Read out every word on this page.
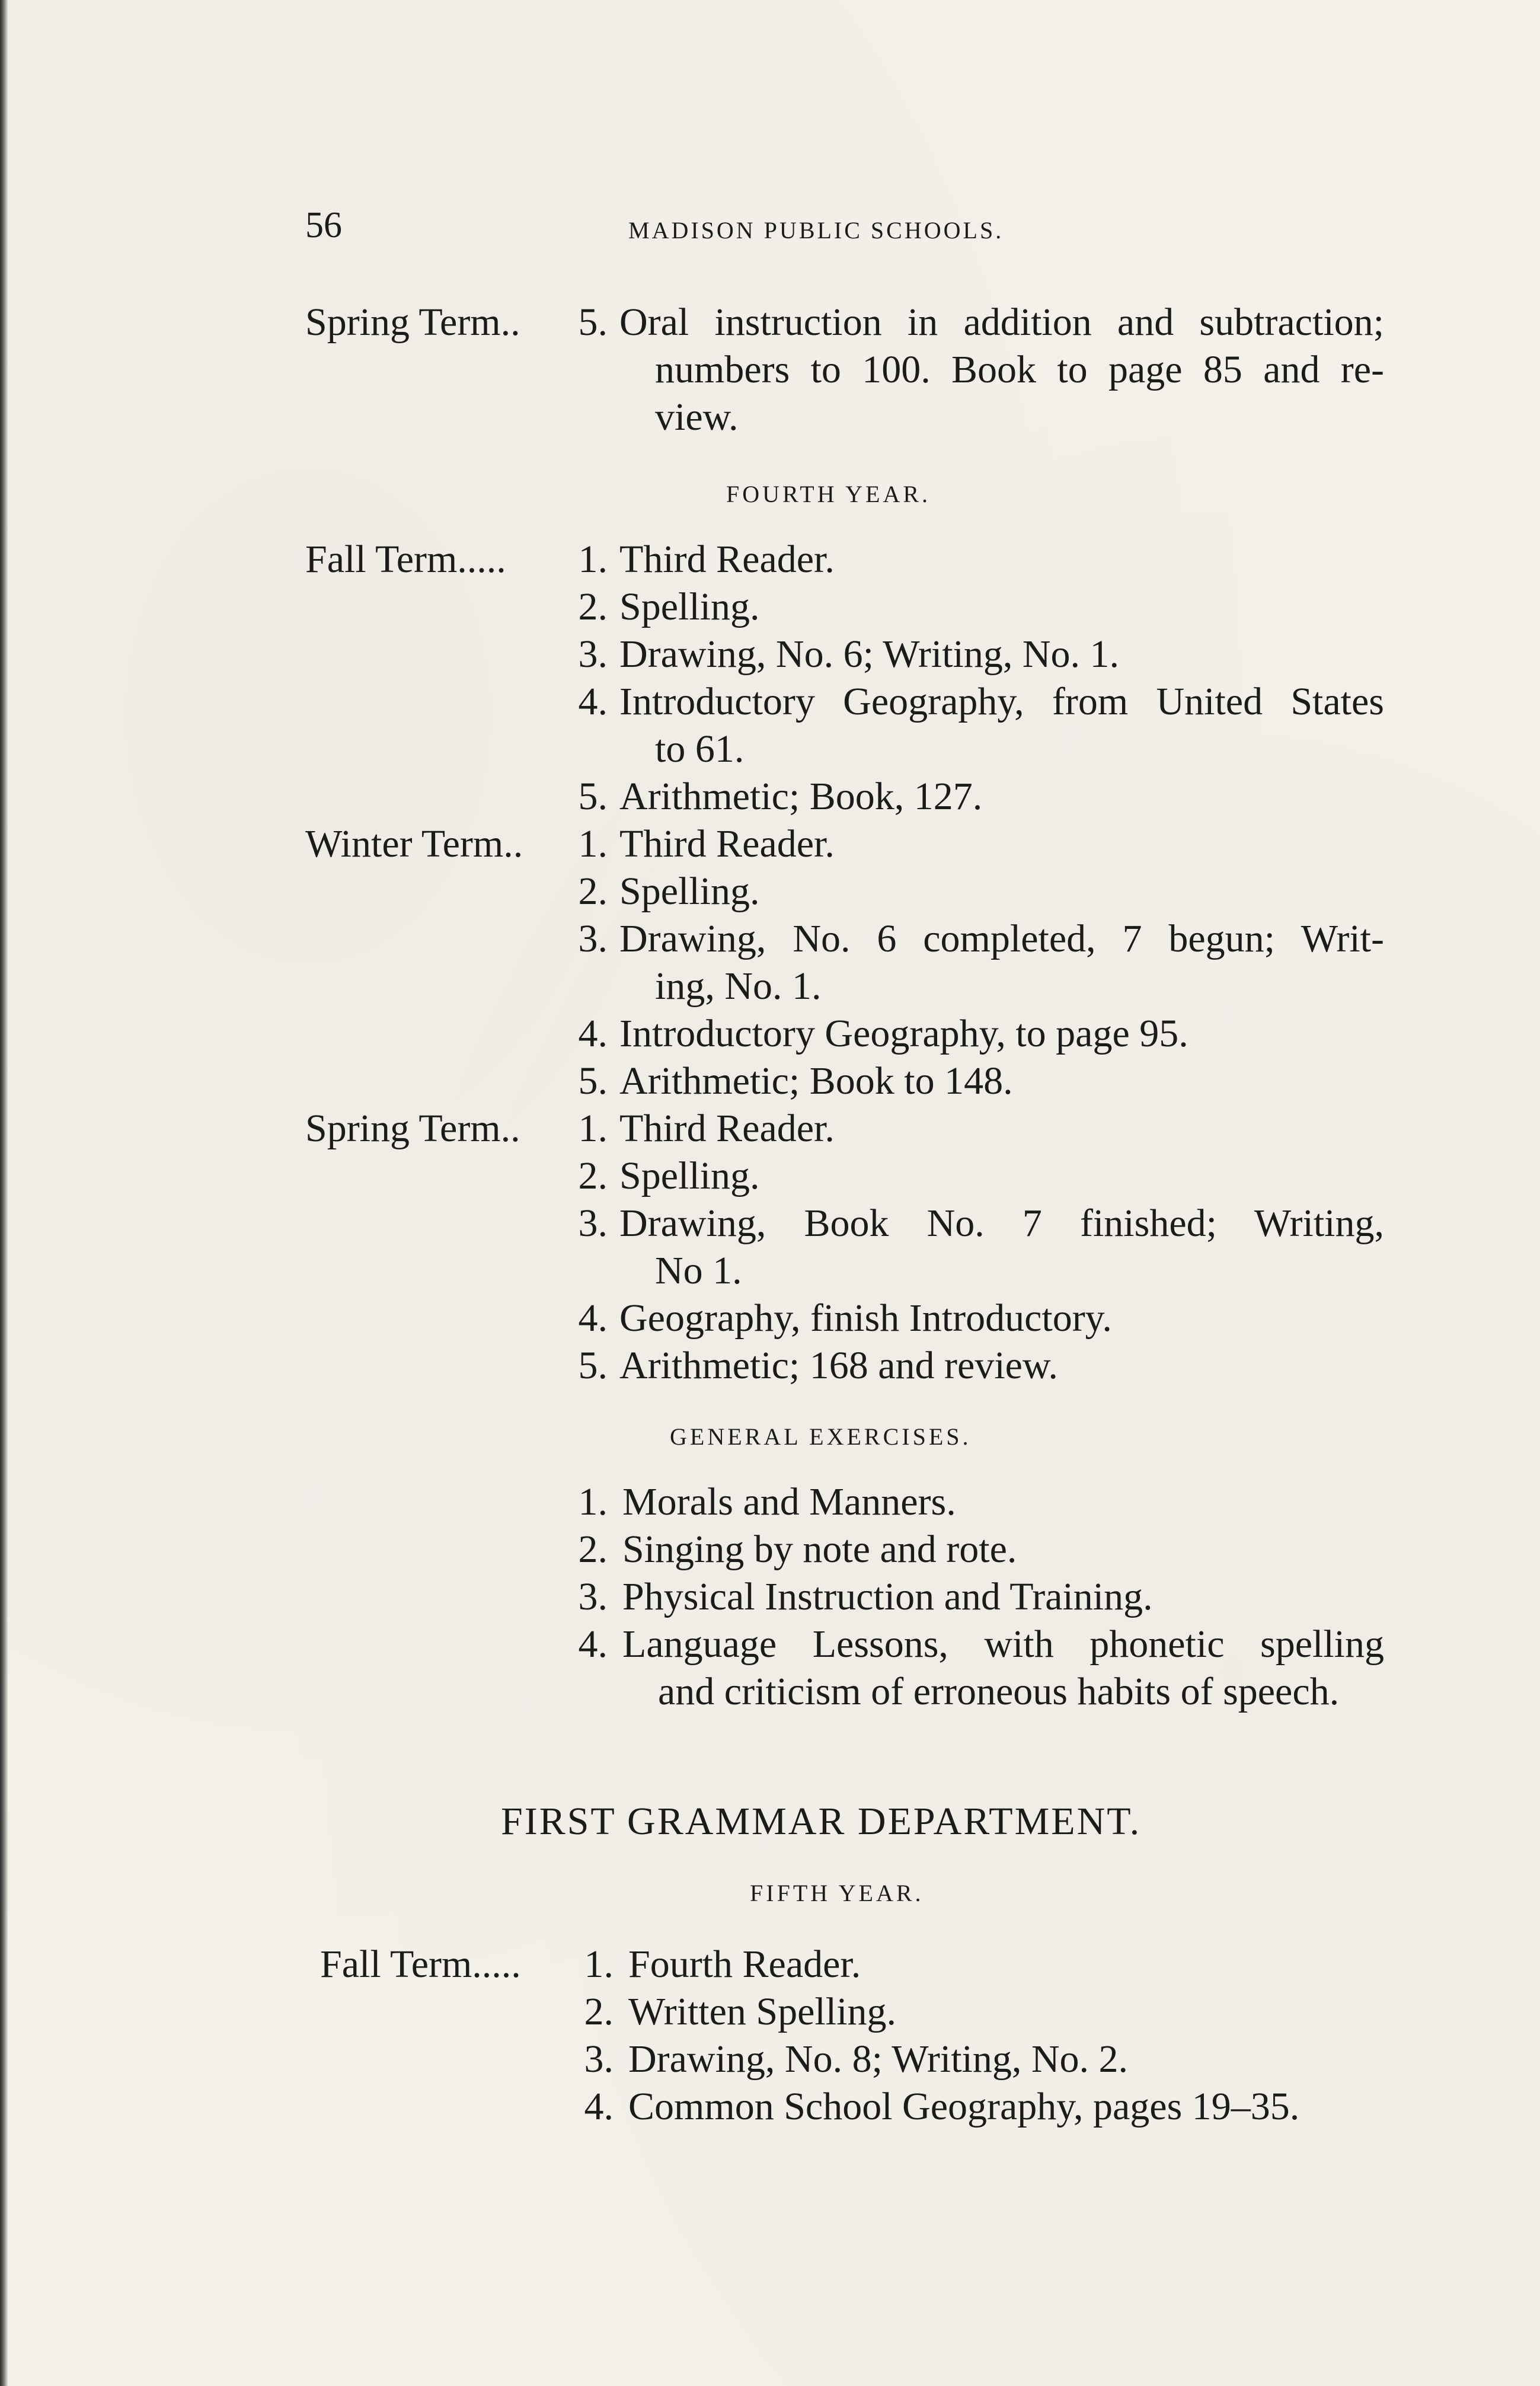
56	MADISON PUBLIC SCHOOLS.
Spring Term..	5. Oral instruction in addition and subtraction;
numbers to 100. Book to page 85 and re-
view.
FOURTH YEAR.
Fall Term.....	1. Third Reader.
2. Spelling.
3. Drawing, No. 6; Writing, No. 1.
4. Introductory Geography, from United States
to 61.
5. Arithmetic; Book, 127.
Winter Term..	1. Third Reader.
2. Spelling.
3. Drawing, No. 6 completed, 7 begun; Writ-
ing, No. 1.
4. Introductory Geography, to page 95.
5. Arithmetic; Book to 148.
Spring Term..	1. Third Reader.
2. Spelling.
3. Drawing, Book No. 7 finished; Writing,
No 1.
4. Geography, finish Introductory.
5. Arithmetic; 168 and review.
GENERAL EXERCISES.
1. Morals and Manners.
2. Singing by note and rote.
3. Physical Instruction and Training.
4. Language Lessons, with phonetic spelling
and criticism of erroneous habits of speech.
FIRST GRAMMAR DEPARTMENT.
FIFTH YEAR.
Fall Term.....	1. Fourth Reader.
2. Written Spelling.
3. Drawing, No. 8; Writing, No. 2.
4. Common School Geography, pages 19–35.
